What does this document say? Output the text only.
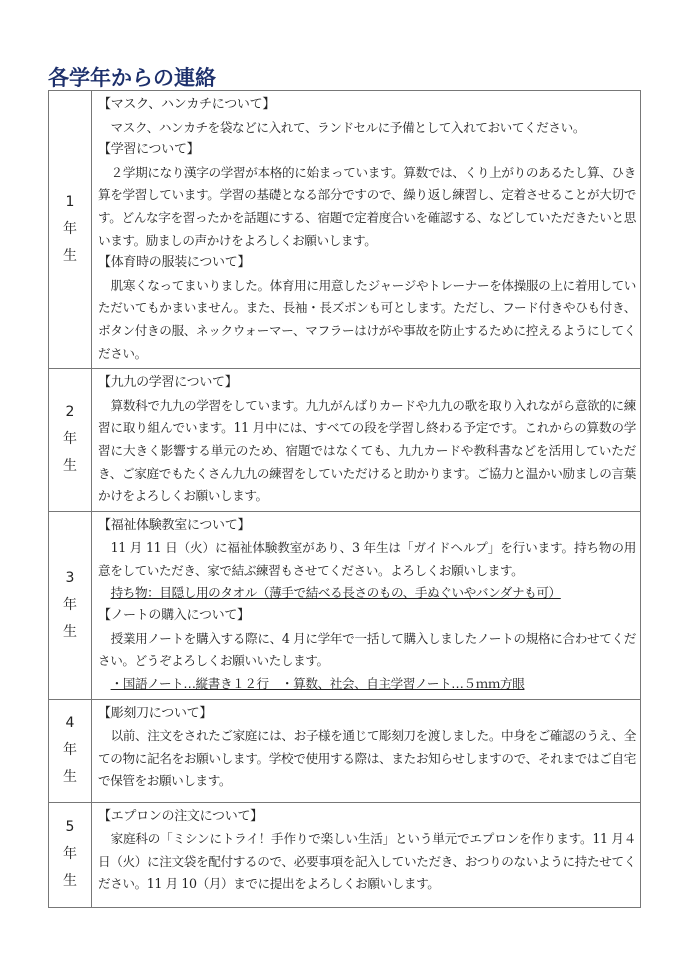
各学年からの連絡
1
年
生

【マスク、ハンカチについて】
マスク、ハンカチを袋などに入れて、ランドセルに予備として入れておいてください。
【学習について】
２学期になり漢字の学習が本格的に始まっています。算数では、くり上がりのあるたし算、ひき算を学習しています。学習の基礎となる部分ですので、繰り返し練習し、定着させることが大切です。どんな字を習ったかを話題にする、宿題で定着度合いを確認する、などしていただきたいと思います。励ましの声かけをよろしくお願いします。
【体育時の服装について】
肌寒くなってまいりました。体育用に用意したジャージやトレーナーを体操服の上に着用していただいてもかまいません。また、長袖・長ズボンも可とします。ただし、フード付きやひも付き、ボタン付きの服、ネックウォーマー、マフラーはけがや事故を防止するために控えるようにしてください。

2
年
生

【九九の学習について】
算数科で九九の学習をしています。九九がんばりカードや九九の歌を取り入れながら意欲的に練習に取り組んでいます。11 月中には、すべての段を学習し終わる予定です。これからの算数の学習に大きく影響する単元のため、宿題ではなくても、九九カードや教科書などを活用していただき、ご家庭でもたくさん九九の練習をしていただけると助かります。ご協力と温かい励ましの言葉かけをよろしくお願いします。

3
年
生

【福祉体験教室について】
11 月 11 日（火）に福祉体験教室があり、3 年生は「ガイドヘルプ」を行います。持ち物の用意をしていただき、家で結ぶ練習もさせてください。よろしくお願いします。
持ち物：目隠し用のタオル（薄手で結べる長さのもの、手ぬぐいやバンダナも可）
【ノートの購入について】
授業用ノートを購入する際に、4 月に学年で一括して購入しましたノートの規格に合わせてください。どうぞよろしくお願いいたします。
・国語ノート…縦書き１２行　・算数、社会、自主学習ノート…５ｍｍ方眼

4
年
生

【彫刻刀について】
以前、注文をされたご家庭には、お子様を通じて彫刻刀を渡しました。中身をご確認のうえ、全ての物に記名をお願いします。学校で使用する際は、またお知らせしますので、それまではご自宅で保管をお願いします。

5
年
生

【エプロンの注文について】
家庭科の「ミシンにトライ！手作りで楽しい生活」という単元でエプロンを作ります。11 月４日（火）に注文袋を配付するので、必要事項を記入していただき、おつりのないように持たせてください。11 月 10（月）までに提出をよろしくお願いします。
